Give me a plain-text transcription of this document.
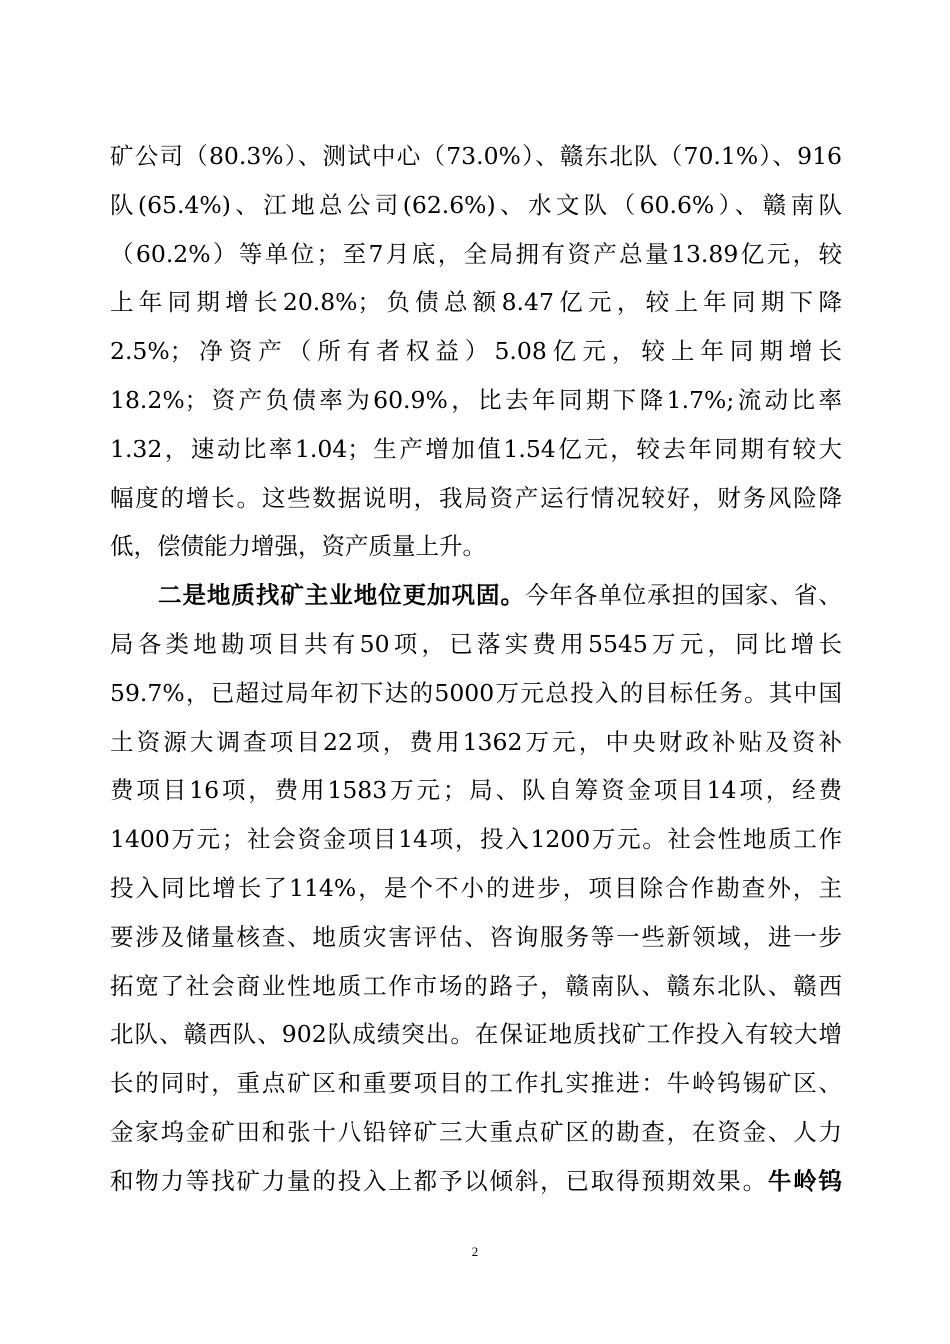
矿公司（80.3%）、测试中心（73.0%）、赣东北队（70.1%）、916
队(65.4%)、江地总公司(62.6%)、水文队（60.6%）、赣南队
（60.2%）等单位；至7月底，全局拥有资产总量13.89亿元，较
上年同期增长20.8%；负债总额8.47亿元，较上年同期下降
2.5%；净资产（所有者权益）5.08亿元，较上年同期增长
18.2%；资产负债率为60.9%，比去年同期下降1.7%;流动比率
1.32，速动比率1.04；生产增加值1.54亿元，较去年同期有较大
幅度的增长。这些数据说明，我局资产运行情况较好，财务风险降
低，偿债能力增强，资产质量上升。
二是地质找矿主业地位更加巩固。今年各单位承担的国家、省、
局各类地勘项目共有50项，已落实费用5545万元，同比增长
59.7%，已超过局年初下达的5000万元总投入的目标任务。其中国
土资源大调查项目22项，费用1362万元，中央财政补贴及资补
费项目16项，费用1583万元；局、队自筹资金项目14项，经费
1400万元；社会资金项目14项，投入1200万元。社会性地质工作
投入同比增长了114%，是个不小的进步，项目除合作勘查外，主
要涉及储量核查、地质灾害评估、咨询服务等一些新领域，进一步
拓宽了社会商业性地质工作市场的路子，赣南队、赣东北队、赣西
北队、赣西队、902队成绩突出。在保证地质找矿工作投入有较大增
长的同时，重点矿区和重要项目的工作扎实推进：牛岭钨锡矿区、
金家坞金矿田和张十八铅锌矿三大重点矿区的勘查，在资金、人力
和物力等找矿力量的投入上都予以倾斜，已取得预期效果。牛岭钨
2
